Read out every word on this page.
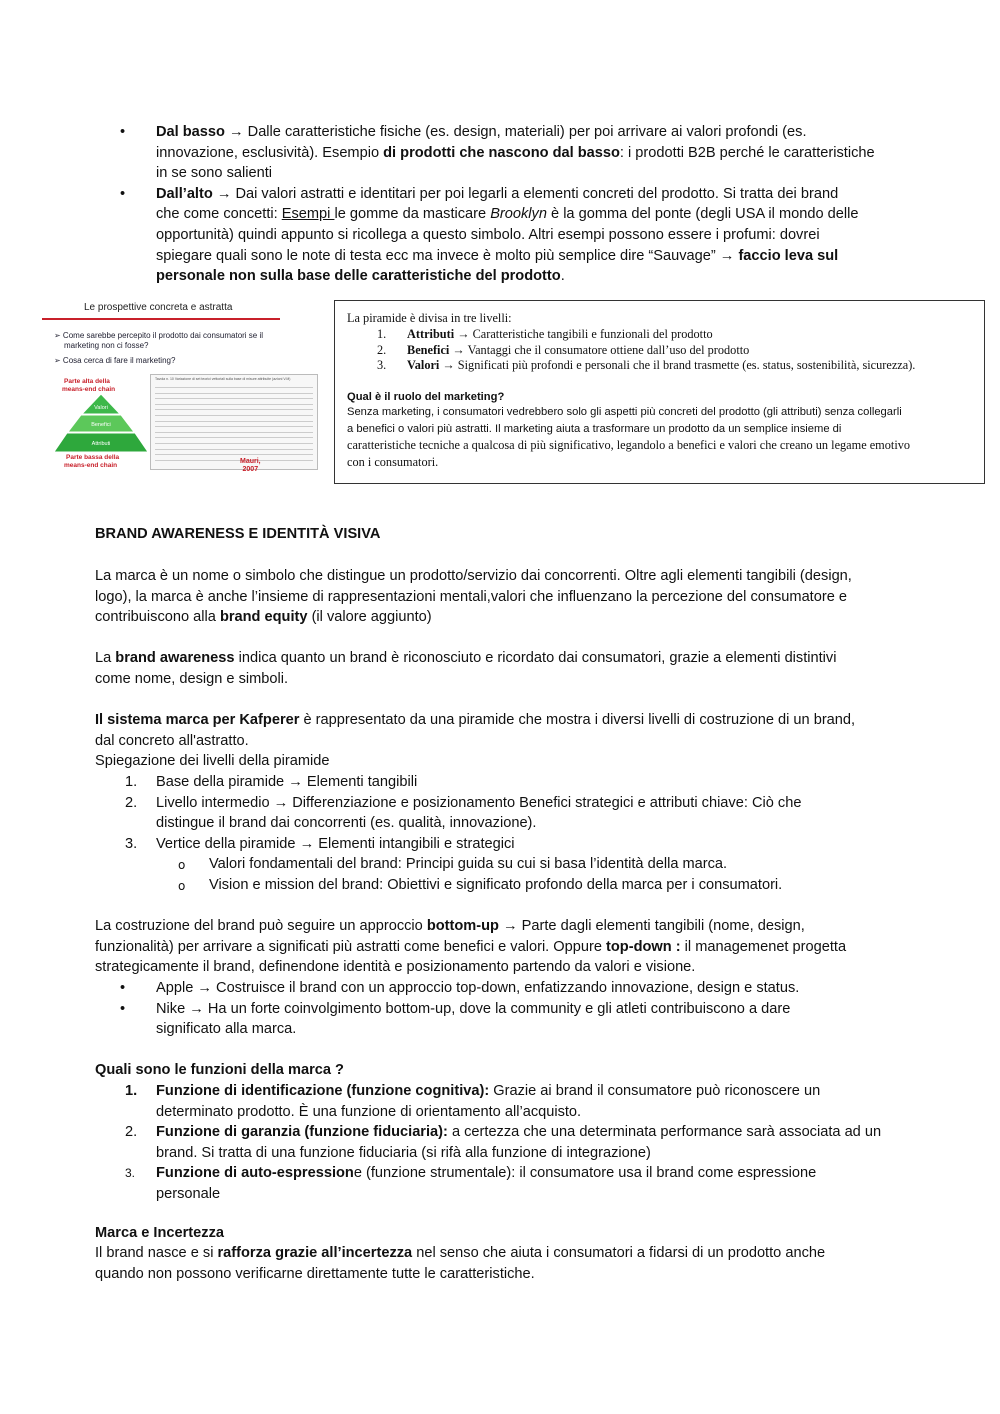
• Dal basso → Dalle caratteristiche fisiche (es. design, materiali) per poi arrivare ai valori profondi (es.
innovazione, esclusività). Esempio di prodotti che nascono dal basso: i prodotti B2B perché le caratteristiche
in se sono salienti
• Dall’alto → Dai valori astratti e identitari per poi legarli a elementi concreti del prodotto. Si tratta dei brand
che come concetti: Esempi le gomme da masticare Brooklyn è la gomma del ponte (degli USA il mondo delle
opportunità) quindi appunto si ricollega a questo simbolo. Altri esempi possono essere i profumi: dovrei
spiegare quali sono le note di testa ecc ma invece è molto più semplice dire “Sauvage” → faccio leva sul
personale non sulla base delle caratteristiche del prodotto.
Le prospettive concreta e astratta
➢ Come sarebbe percepito il prodotto dai consumatori se il
marketing non ci fosse?
➢ Cosa cerca di fare il marketing?
Parte alta della
means-end chain
Valori
Benefici
Attributi
Parte bassa della
means-end chain
Tavola n. 10 Variazione di set teorici vettoriali sulla base di misure attribuite (azioni V.M)
Mauri,
2007
La piramide è divisa in tre livelli:
1. Attributi → Caratteristiche tangibili e funzionali del prodotto
2. Benefici → Vantaggi che il consumatore ottiene dall’uso del prodotto
3. Valori → Significati più profondi e personali che il brand trasmette (es. status, sostenibilità, sicurezza).
Qual è il ruolo del marketing?
Senza marketing, i consumatori vedrebbero solo gli aspetti più concreti del prodotto (gli attributi) senza collegarli
a benefici o valori più astratti. Il marketing aiuta a trasformare un prodotto da un semplice insieme di
caratteristiche tecniche a qualcosa di più significativo, legandolo a benefici e valori che creano un legame emotivo
con i consumatori.
BRAND AWARENESS E IDENTITÀ VISIVA
La marca è un nome o simbolo che distingue un prodotto/servizio dai concorrenti. Oltre agli elementi tangibili (design,
logo), la marca è anche l’insieme di rappresentazioni mentali,valori che influenzano la percezione del consumatore e
contribuiscono alla brand equity (il valore aggiunto)
La brand awareness indica quanto un brand è riconosciuto e ricordato dai consumatori, grazie a elementi distintivi
come nome, design e simboli.
Il sistema marca per Kafperer è rappresentato da una piramide che mostra i diversi livelli di costruzione di un brand,
dal concreto all'astratto.
Spiegazione dei livelli della piramide
1.	Base della piramide → Elementi tangibili
2.	Livello intermedio → Differenziazione e posizionamento Benefici strategici e attributi chiave: Ciò che
distingue il brand dai concorrenti (es. qualità, innovazione).
3.	Vertice della piramide → Elementi intangibili e strategici
o Valori fondamentali del brand: Principi guida su cui si basa l’identità della marca.
o Vision e mission del brand: Obiettivi e significato profondo della marca per i consumatori.
La costruzione del brand può seguire un approccio bottom-up → Parte dagli elementi tangibili (nome, design,
funzionalità) per arrivare a significati più astratti come benefici e valori. Oppure top-down : il managemenet progetta
strategicamente il brand, definendone identità e posizionamento partendo da valori e visione.
• Apple → Costruisce il brand con un approccio top-down, enfatizzando innovazione, design e status.
• Nike → Ha un forte coinvolgimento bottom-up, dove la community e gli atleti contribuiscono a dare
significato alla marca.
Quali sono le funzioni della marca ?
1.	Funzione di identificazione (funzione cognitiva): Grazie ai brand il consumatore può riconoscere un
determinato prodotto. È una funzione di orientamento all’acquisto.
2.	Funzione di garanzia (funzione fiduciaria): a certezza che una determinata performance sarà associata ad un
brand. Si tratta di una funzione fiduciaria (si rifà alla funzione di integrazione)
3.	Funzione di auto-espressione (funzione strumentale): il consumatore usa il brand come espressione
personale
Marca e Incertezza
Il brand nasce e si rafforza grazie all’incertezza nel senso che aiuta i consumatori a fidarsi di un prodotto anche
quando non possono verificarne direttamente tutte le caratteristiche.
